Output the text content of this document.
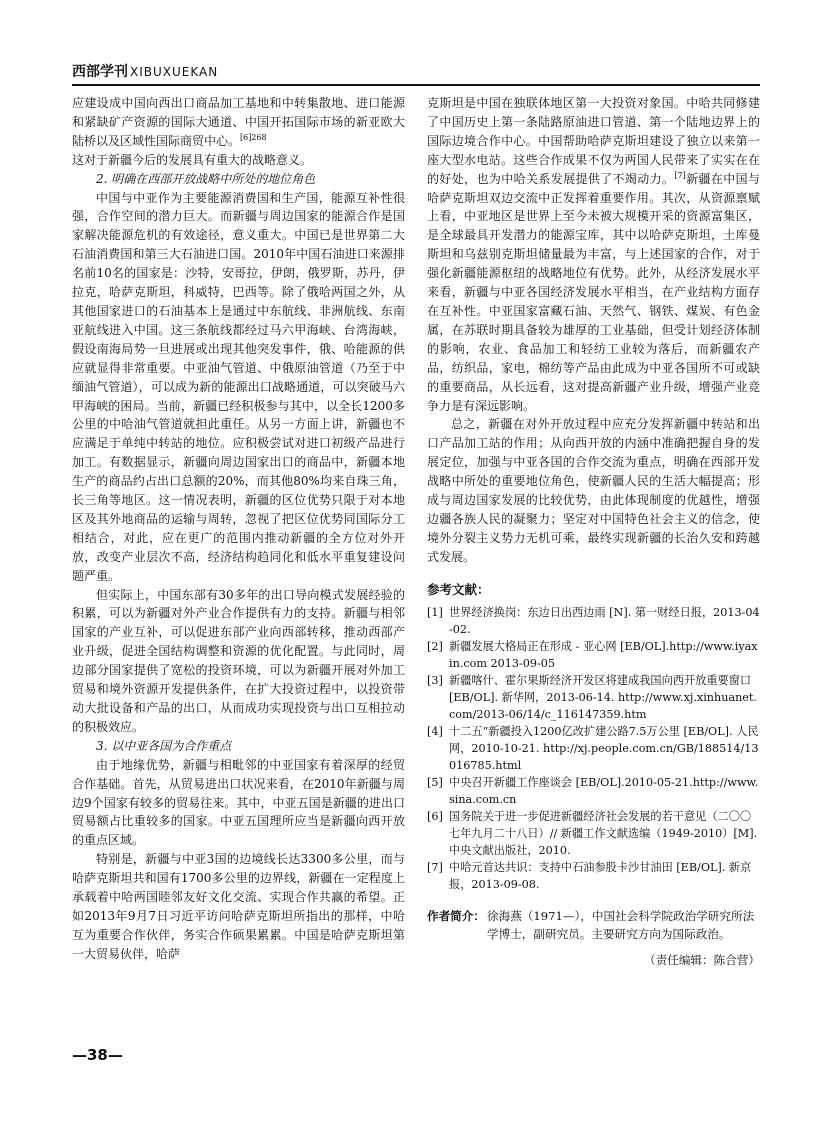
西部学刊 XIBUXUEKAN

应建设成中国向西出口商品加工基地和中转集散地、进口能源和紧缺矿产资源的国际大通道、中国开拓国际市场的新亚欧大陆桥以及区域性国际商贸中心。$^{[6]268}$

这对于新疆今后的发展具有重大的战略意义。

2. 明确在西部开放战略中所处的地位角色

中国与中亚作为主要能源消费国和生产国，能源互补性很强，合作空间的潜力巨大。而新疆与周边国家的能源合作是国家解决能源危机的有效途径，意义重大。中国已是世界第二大石油消费国和第三大石油进口国。2010年中国石油进口来源排名前10名的国家是：沙特，安哥拉，伊朗，俄罗斯，苏丹，伊拉克，哈萨克斯坦，科威特，巴西等。除了俄哈两国之外，从其他国家进口的石油基本上是通过中东航线、非洲航线、东南亚航线进入中国。这三条航线都经过马六甲海峡、台湾海峡，假设南海局势一旦进展或出现其他突发事件，俄、哈能源的供应就显得非常重要。中亚油气管道、中俄原油管道（乃至于中缅油气管道），可以成为新的能源出口战略通道，可以突破马六甲海峡的困局。当前，新疆已经积极参与其中，以全长1200多公里的中哈油气管道就担此重任。从另一方面上讲，新疆也不应满足于单纯中转站的地位。应积极尝试对进口初级产品进行加工。有数据显示，新疆向周边国家出口的商品中，新疆本地生产的商品约占出口总额的20%，而其他80%均来自珠三角，长三角等地区。这一情况表明，新疆的区位优势只限于对本地区及其外地商品的运输与周转，忽视了把区位优势同国际分工相结合，对此，应在更广的范围内推动新疆的全方位对外开放，改变产业层次不高，经济结构趋同化和低水平重复建设问题严重。

但实际上，中国东部有30多年的出口导向模式发展经验的积累，可以为新疆对外产业合作提供有力的支持。新疆与相邻国家的产业互补，可以促进东部产业向西部转移，推动西部产业升级，促进全国结构调整和资源的优化配置。与此同时，周边部分国家提供了宽松的投资环境，可以为新疆开展对外加工贸易和境外资源开发提供条件，在扩大投资过程中，以投资带动大批设备和产品的出口，从而成功实现投资与出口互相拉动的积极效应。

3. 以中亚各国为合作重点

由于地缘优势，新疆与相毗邻的中亚国家有着深厚的经贸合作基础。首先，从贸易进出口状况来看，在2010年新疆与周边9个国家有较多的贸易往来。其中，中亚五国是新疆的进出口贸易额占比重较多的国家。中亚五国理所应当是新疆向西开放的重点区域。

特别是，新疆与中亚3国的边境线长达3300多公里，而与哈萨克斯坦共和国有1700多公里的边界线，新疆在一定程度上承载着中哈两国睦邻友好文化交流、实现合作共赢的希望。正如2013年9月7日习近平访问哈萨克斯坦所指出的那样，中哈互为重要合作伙伴，务实合作硕果累累。中国是哈萨克斯坦第一大贸易伙伴，哈萨

克斯坦是中国在独联体地区第一大投资对象国。中哈共同修建了中国历史上第一条陆路原油进口管道、第一个陆地边界上的国际边境合作中心。中国帮助哈萨克斯坦建设了独立以来第一座大型水电站。这些合作成果不仅为两国人民带来了实实在在的好处，也为中哈关系发展提供了不竭动力。[7]新疆在中国与哈萨克斯坦双边交流中正发挥着重要作用。其次，从资源禀赋上看，中亚地区是世界上至今未被大规模开采的资源富集区，是全球最具开发潜力的能源宝库，其中以哈萨克斯坦，土库曼斯坦和乌兹别克斯坦储量最为丰富，与上述国家的合作，对于强化新疆能源枢纽的战略地位有优势。此外，从经济发展水平来看，新疆与中亚各国经济发展水平相当，在产业结构方面存在互补性。中亚国家富藏石油、天然气、钢铁、煤炭、有色金属，在苏联时期具备较为雄厚的工业基础，但受计划经济体制的影响，农业、食品加工和轻纺工业较为落后，而新疆农产品，纺织品，家电，棉纺等产品由此成为中亚各国所不可或缺的重要商品，从长远看，这对提高新疆产业升级，增强产业竞争力是有深远影响。

总之，新疆在对外开放过程中应充分发挥新疆中转站和出口产品加工站的作用；从向西开放的内涵中准确把握自身的发展定位，加强与中亚各国的合作交流为重点，明确在西部开发战略中所处的重要地位角色，使新疆人民的生活大幅提高；形成与周边国家发展的比较优势，由此体现制度的优越性，增强边疆各族人民的凝聚力；坚定对中国特色社会主义的信念，使境外分裂主义势力无机可乘，最终实现新疆的长治久安和跨越式发展。

参考文献：
[1] 世界经济换岗：东边日出西边雨 [N]. 第一财经日报，2013-04-02.
[2] 新疆发展大格局正在形成 - 亚心网 [EB/OL].http://www.iyaxin.com 2013-09-05
[3] 新疆喀什、霍尔果斯经济开发区将建成我国向西开放重要窗口 [EB/OL]. 新华网，2013-06-14. http://www.xj.xinhuanet.com/2013-06/14/c_116147359.htm
[4] 十二五”新疆投入1200亿改扩建公路7.5万公里 [EB/OL]. 人民网，2010-10-21. http://xj.people.com.cn/GB/188514/13016785.html
[5] 中央召开新疆工作座谈会 [EB/OL].2010-05-21.http://www.sina.com.cn
[6] 国务院关于进一步促进新疆经济社会发展的若干意见（二〇〇七年九月二十八日）// 新疆工作文献选编（1949-2010）[M]. 中央文献出版社，2010.
[7] 中哈元首达共识：支持中石油参股卡沙甘油田 [EB/OL]. 新京报，2013-09-08.
作者简介： 徐海燕（1971—），中国社会科学院政治学研究所法学博士，副研究员。主要研究方向为国际政治。
（责任编辑：陈合营）
—38—
